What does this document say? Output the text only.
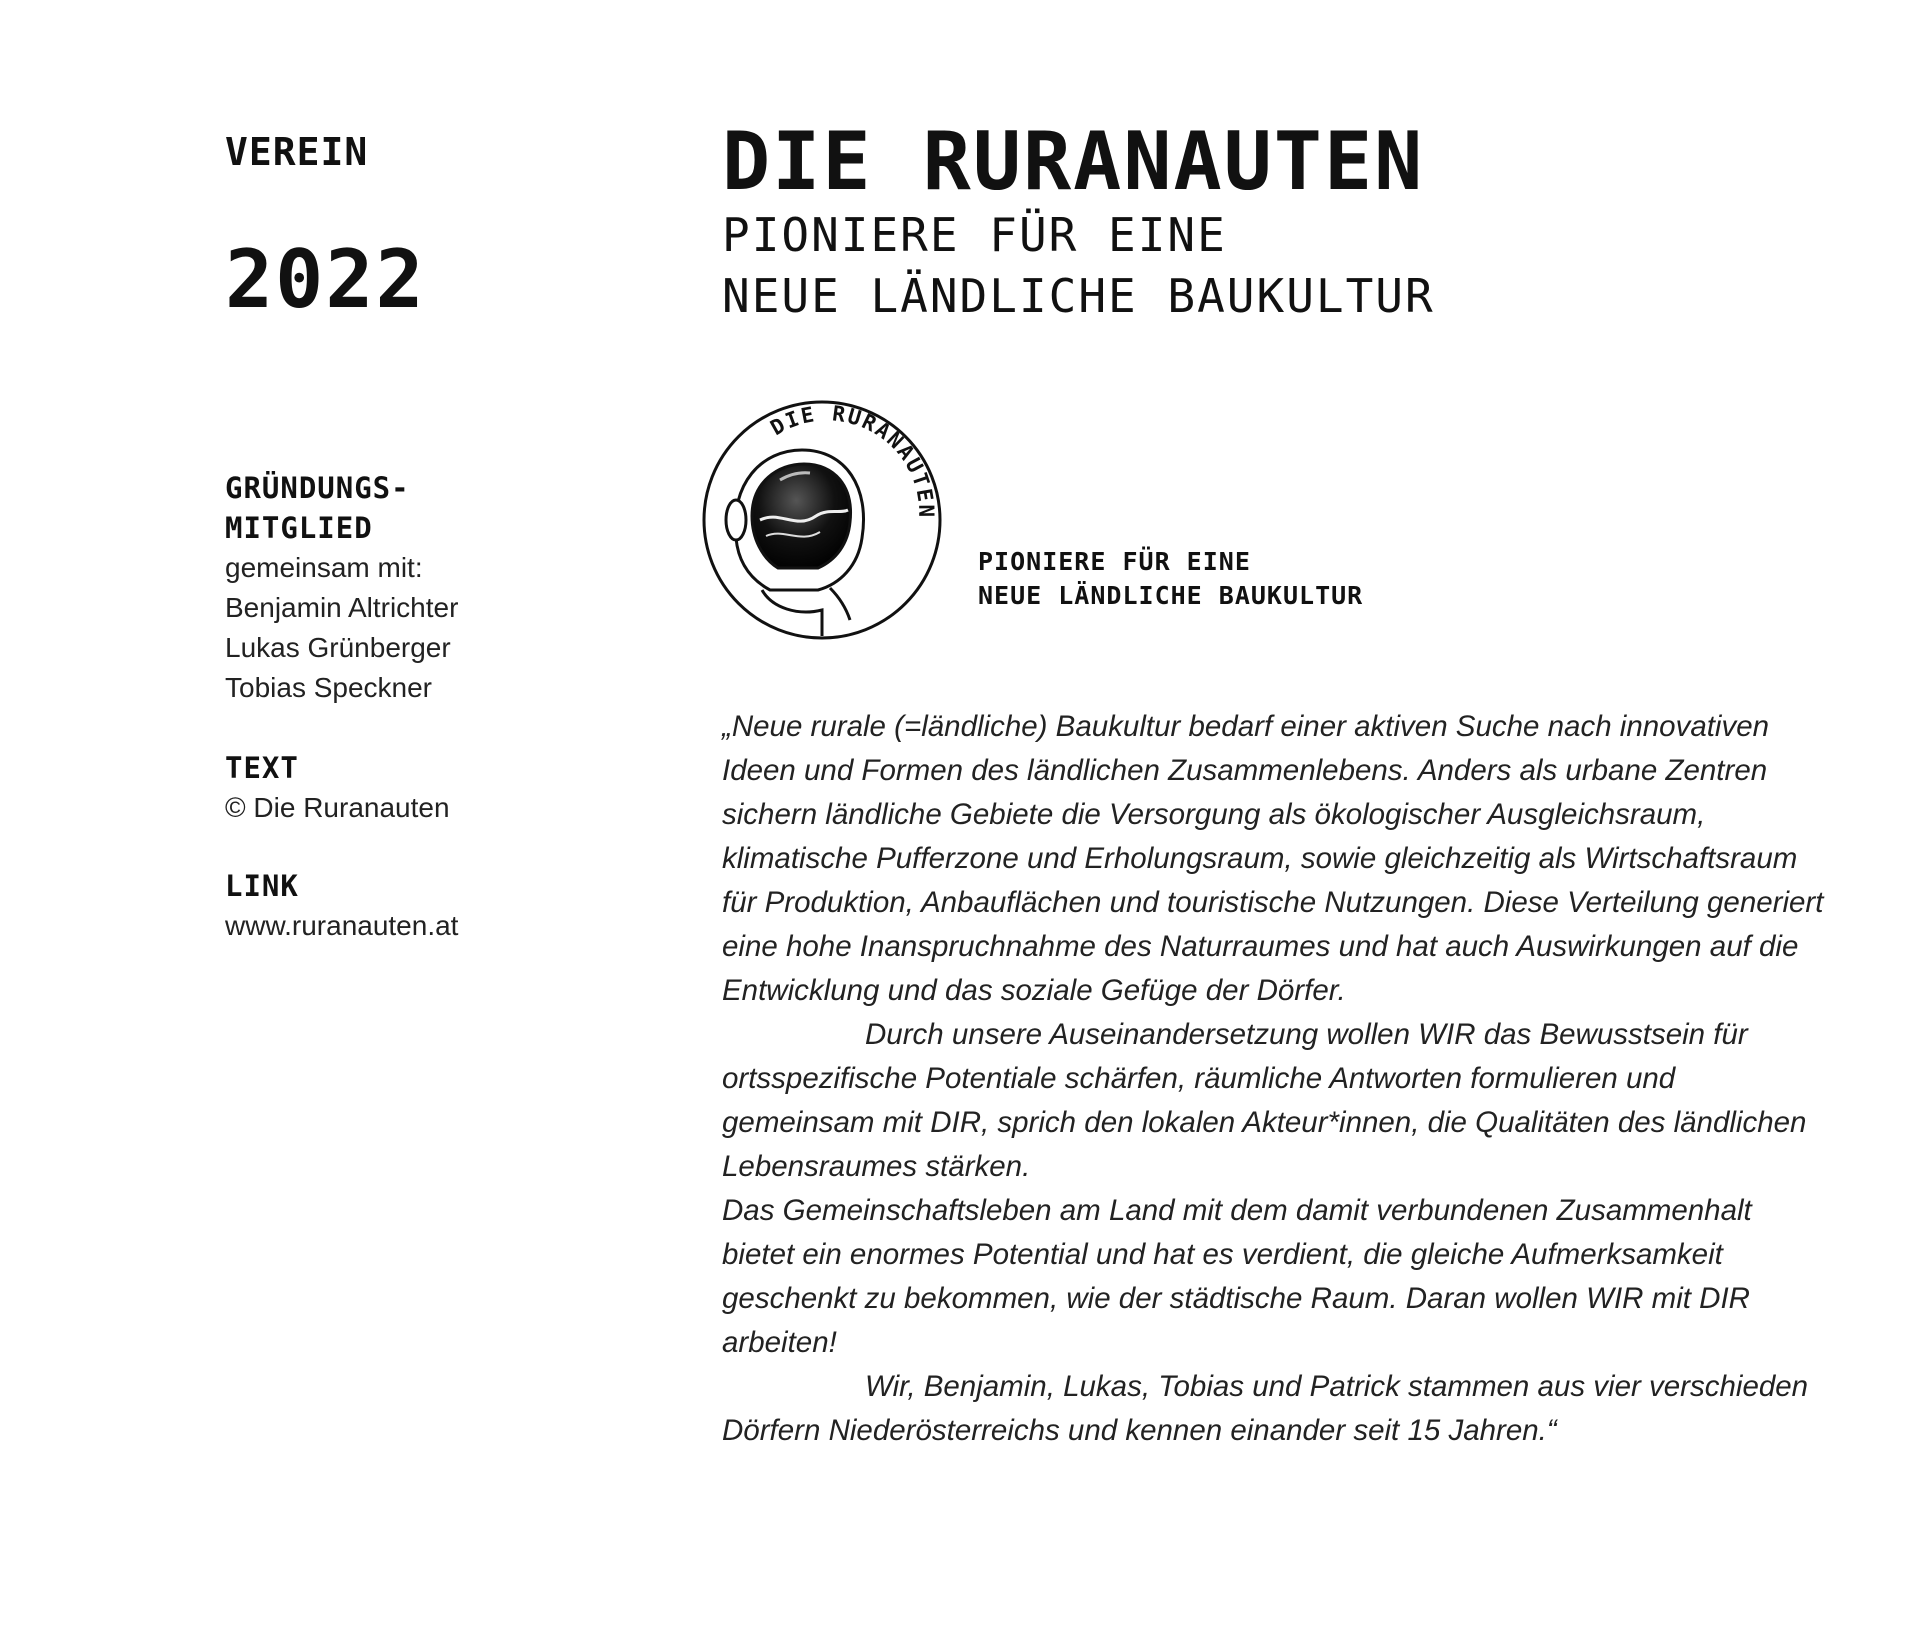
VEREIN
2022
GRÜNDUNGS-
MITGLIED
gemeinsam mit:
Benjamin Altrichter
Lukas Grünberger
Tobias Speckner
TEXT
© Die Ruranauten
LINK
www.ruranauten.at
DIE RURANAUTEN
PIONIERE FÜR EINE
NEUE LÄNDLICHE BAUKULTUR
DIE RURANAUTEN
PIONIERE FÜR EINE
NEUE LÄNDLICHE BAUKULTUR

„Neue rurale (=ländliche) Baukultur bedarf einer aktiven Suche nach innovativen Ideen und Formen des ländlichen Zusammenlebens. Anders als urbane Zentren sichern ländliche Gebiete die Versorgung als ökologischer Ausgleichsraum, klimatische Pufferzone und Erholungsraum, sowie gleichzeitig als Wirtschaftsraum für Produktion, Anbauflächen und touristische Nutzungen. Diese Verteilung generiert eine hohe Inanspruchnahme des Naturraumes und hat auch Auswirkungen auf die Entwicklung und das soziale Gefüge der Dörfer.

Durch unsere Auseinandersetzung wollen WIR das Bewusstsein für ortsspezifische Potentiale schärfen, räumliche Antworten formulieren und gemeinsam mit DIR, sprich den lokalen Akteur*innen, die Qualitäten des ländlichen Lebensraumes stärken.

Das Gemeinschaftsleben am Land mit dem damit verbundenen Zusammenhalt bietet ein enormes Potential und hat es verdient, die gleiche Aufmerksamkeit geschenkt zu bekommen, wie der städtische Raum. Daran wollen WIR mit DIR arbeiten!

Wir, Benjamin, Lukas, Tobias und Patrick stammen aus vier verschieden Dörfern Niederösterreichs und kennen einander seit 15 Jahren.“
